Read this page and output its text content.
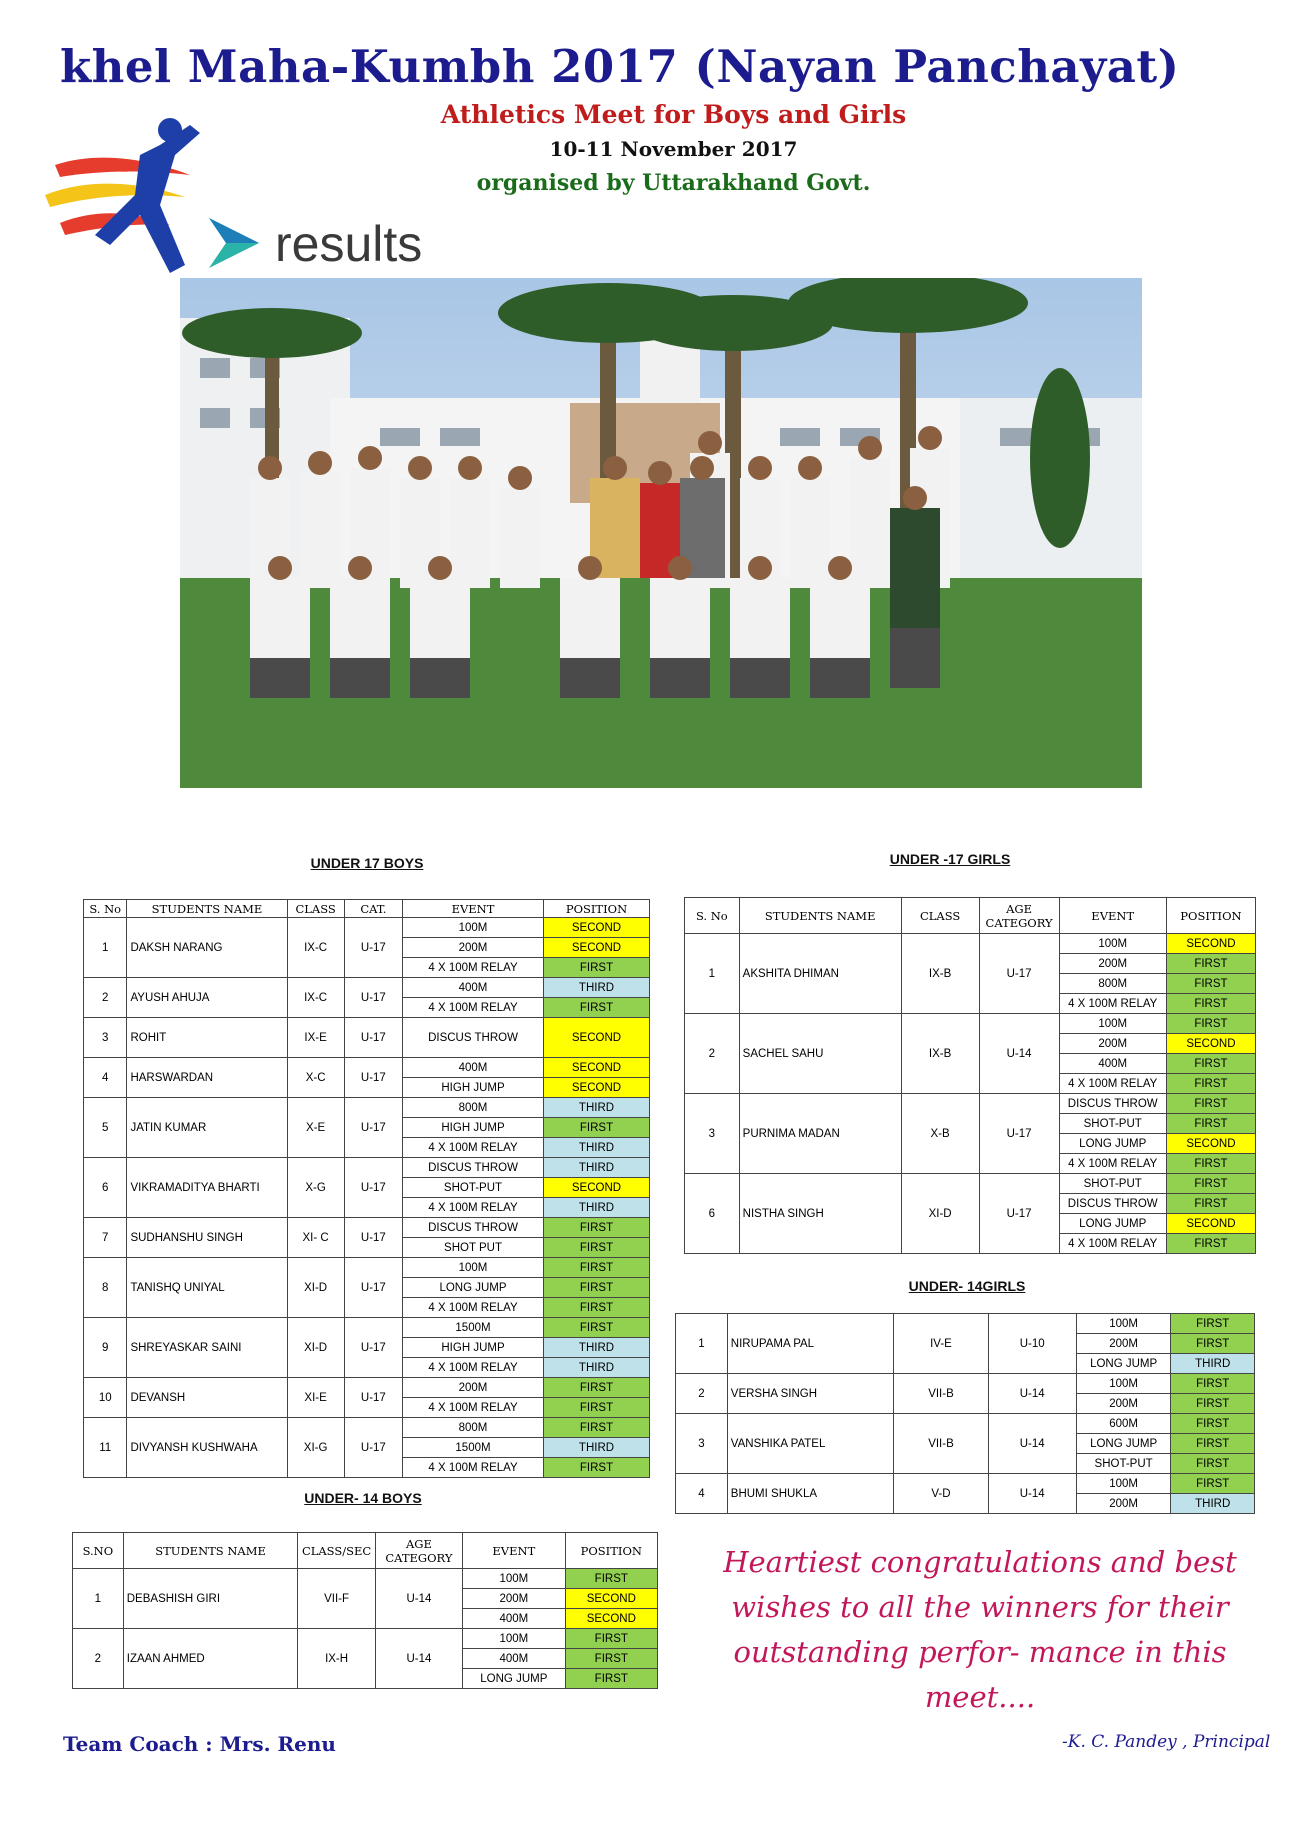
khel Maha-Kumbh 2017 (Nayan Panchayat)
Athletics Meet for Boys and Girls
10-11 November 2017
organised by Uttarakhand Govt.
results
UNDER 17 BOYS	UNDER -17 GIRLS
UNDER- 14 BOYS
UNDER- 14GIRLS
S. No	STUDENTS NAME	CLASS	CAT.	EVENT	POSITION
1	DAKSH NARANG	IX-C	U-17	100M	SECOND
				200M	SECOND
				4 X 100M RELAY	FIRST
2	AYUSH AHUJA	IX-C	U-17	400M	THIRD
				4 X 100M RELAY	FIRST
3	ROHIT	IX-E	U-17	DISCUS THROW	SECOND
4	HARSWARDAN	X-C	U-17	400M	SECOND
				HIGH JUMP	SECOND
5	JATIN KUMAR	X-E	U-17	800M	THIRD
				HIGH JUMP	FIRST
				4 X 100M RELAY	THIRD
6	VIKRAMADITYA BHARTI	X-G	U-17	DISCUS THROW	THIRD
				SHOT-PUT	SECOND
				4 X 100M RELAY	THIRD
7	SUDHANSHU SINGH	XI- C	U-17	DISCUS THROW	FIRST
				SHOT PUT	FIRST
8	TANISHQ UNIYAL	XI-D	U-17	100M	FIRST
				LONG JUMP	FIRST
				4 X 100M RELAY	FIRST
9	SHREYASKAR SAINI	XI-D	U-17	1500M	FIRST
				HIGH JUMP	THIRD
				4 X 100M RELAY	THIRD
10	DEVANSH	XI-E	U-17	200M	FIRST
				4 X 100M RELAY	FIRST
11	DIVYANSH KUSHWAHA	XI-G	U-17	800M	FIRST
				1500M	THIRD
				4 X 100M RELAY	FIRST
S.NO	STUDENTS NAME	CLASS/SEC	AGE CATEGORY	EVENT	POSITION
1	DEBASHISH GIRI	VII-F	U-14	100M	FIRST
				200M	SECOND
				400M	SECOND
2	IZAAN AHMED	IX-H	U-14	100M	FIRST
				400M	FIRST
				LONG JUMP	FIRST
S. No	STUDENTS NAME	CLASS	AGE CATEGORY	EVENT	POSITION
1	AKSHITA DHIMAN	IX-B	U-17	100M	SECOND
				200M	FIRST
				800M	FIRST
				4 X 100M RELAY	FIRST
2	SACHEL SAHU	IX-B	U-14	100M	FIRST
				200M	SECOND
				400M	FIRST
				4 X 100M RELAY	FIRST
3	PURNIMA MADAN	X-B	U-17	DISCUS THROW	FIRST
				SHOT-PUT	FIRST
				LONG JUMP	SECOND
				4 X 100M RELAY	FIRST
6	NISTHA SINGH	XI-D	U-17	SHOT-PUT	FIRST
				DISCUS THROW	FIRST
				LONG JUMP	SECOND
				4 X 100M RELAY	FIRST
1	NIRUPAMA PAL	IV-E	U-10	100M	FIRST
				200M	FIRST
				LONG JUMP	THIRD
2	VERSHA SINGH	VII-B	U-14	100M	FIRST
				200M	FIRST
3	VANSHIKA PATEL	VII-B	U-14	600M	FIRST
				LONG JUMP	FIRST
				SHOT-PUT	FIRST
4	BHUMI SHUKLA	V-D	U-14	100M	FIRST
				200M	THIRD
Heartiest congratulations and best wishes to all the winners for their outstanding perfor- mance in this meet....
Team Coach : Mrs. Renu	-K. C. Pandey , Principal
